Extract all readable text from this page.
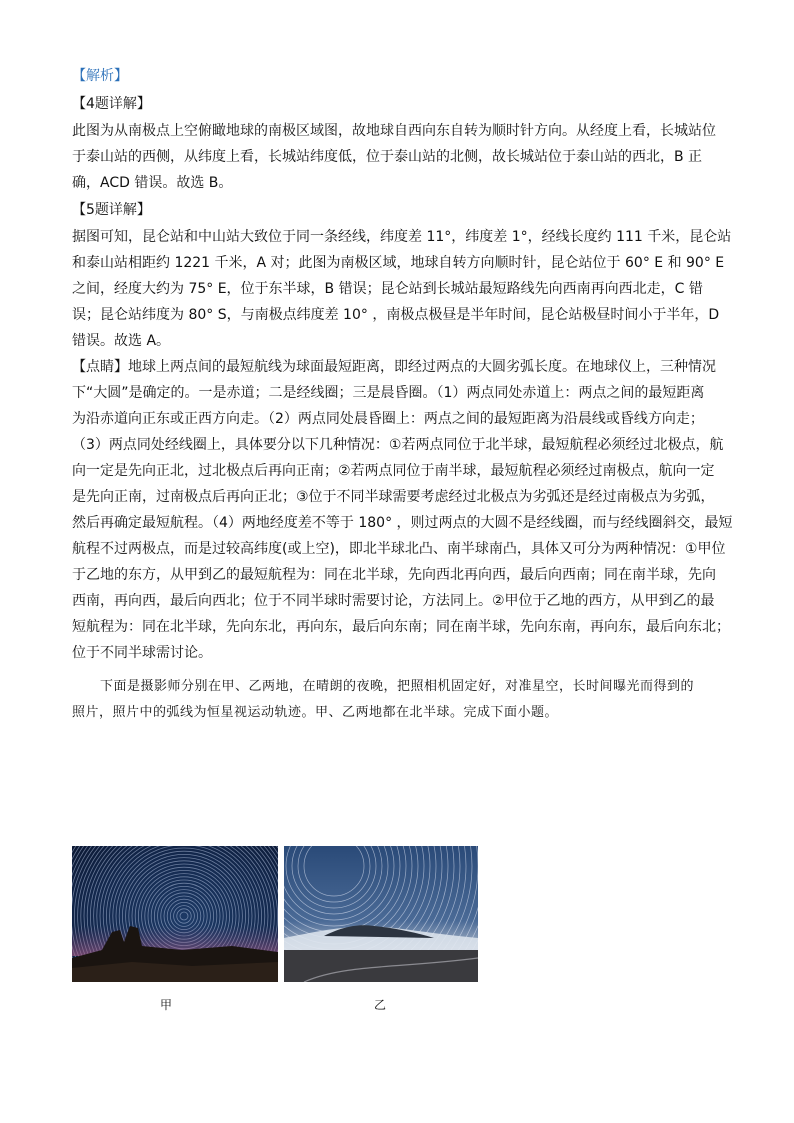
【解析】

【4题详解】

此图为从南极点上空俯瞰地球的南极区域图，故地球自西向东自转为顺时针方向。从经度上看，长城站位
于泰山站的西侧，从纬度上看，长城站纬度低，位于泰山站的北侧，故长城站位于泰山站的西北，B 正
确，ACD 错误。故选 B。

【5题详解】

据图可知，昆仑站和中山站大致位于同一条经线，纬度差 11°，纬度差 1°，经线长度约 111 千米，昆仑站
和泰山站相距约 1221 千米，A 对；此图为南极区域，地球自转方向顺时针，昆仑站位于 60° E 和 90° E
之间，经度大约为 75° E，位于东半球，B 错误；昆仑站到长城站最短路线先向西南再向西北走，C 错
误；昆仑站纬度为 80° S，与南极点纬度差 10° ，南极点极昼是半年时间，昆仑站极昼时间小于半年，D
错误。故选 A。

【点睛】地球上两点间的最短航线为球面最短距离，即经过两点的大圆劣弧长度。在地球仪上，三种情况
下“大圆”是确定的。一是赤道；二是经线圈；三是晨昏圈。（1）两点同处赤道上：两点之间的最短距离
为沿赤道向正东或正西方向走。（2）两点同处晨昏圈上：两点之间的最短距离为沿晨线或昏线方向走；
（3）两点同处经线圈上，具体要分以下几种情况：①若两点同位于北半球，最短航程必须经过北极点，航
向一定是先向正北，过北极点后再向正南；②若两点同位于南半球，最短航程必须经过南极点，航向一定
是先向正南，过南极点后再向正北；③位于不同半球需要考虑经过北极点为劣弧还是经过南极点为劣弧，
然后再确定最短航程。（4）两地经度差不等于 180° ，则过两点的大圆不是经线圈，而与经线圈斜交，最短
航程不过两极点，而是过较高纬度(或上空)，即北半球北凸、南半球南凸，具体又可分为两种情况：①甲位
于乙地的东方，从甲到乙的最短航程为：同在北半球，先向西北再向西，最后向西南；同在南半球，先向
西南，再向西，最后向西北；位于不同半球时需要讨论，方法同上。②甲位于乙地的西方，从甲到乙的最
短航程为：同在北半球，先向东北，再向东，最后向东南；同在南半球，先向东南，再向东，最后向东北；
位于不同半球需讨论。

下面是摄影师分别在甲、乙两地，在晴朗的夜晚，把照相机固定好，对准星空，长时间曝光而得到的
照片，照片中的弧线为恒星视运动轨迹。甲、乙两地都在北半球。完成下面小题。

甲	乙
